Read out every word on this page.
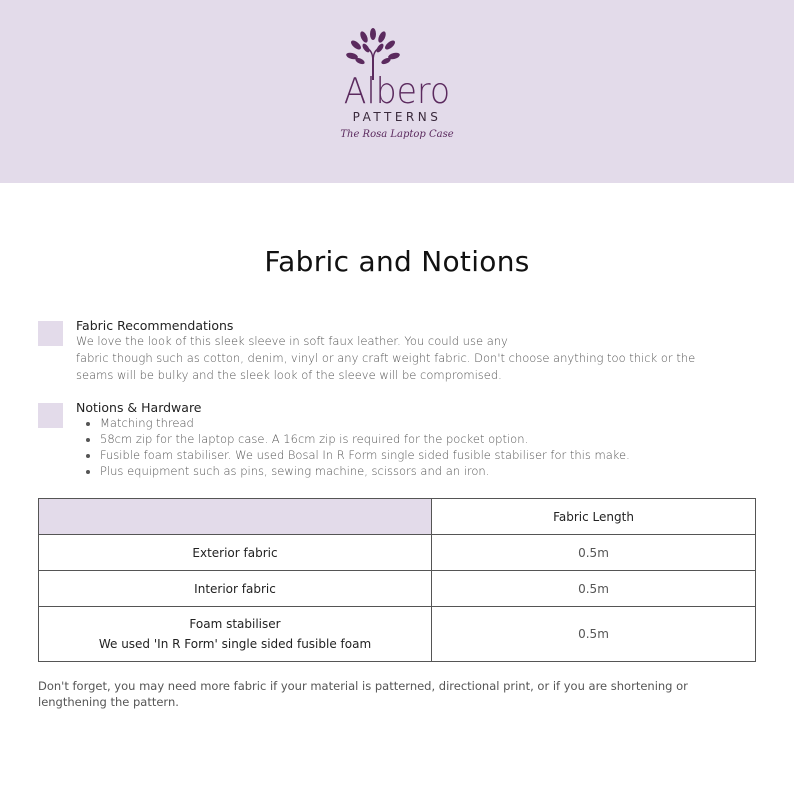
Albero
PATTERNS
The Rosa Laptop Case
Fabric and Notions
Fabric Recommendations
We love the look of this sleek sleeve in soft faux leather. You could use any
fabric though such as cotton, denim, vinyl or any craft weight fabric. Don't choose anything too thick or the seams will be bulky and the sleek look of the sleeve will be compromised.
Notions & Hardware
• Matching thread
• 58cm zip for the laptop case. A 16cm zip is required for the pocket option.
• Fusible foam stabiliser. We used Bosal In R Form single sided fusible stabiliser for this make.
• Plus equipment such as pins, sewing machine, scissors and an iron.
	Fabric Length
Exterior fabric	0.5m
Interior fabric	0.5m

Foam stabiliser
We used 'In R Form' single sided fusible foam	0.5m
Don't forget, you may need more fabric if your material is patterned, directional print, or if you are shortening or lengthening the pattern.
